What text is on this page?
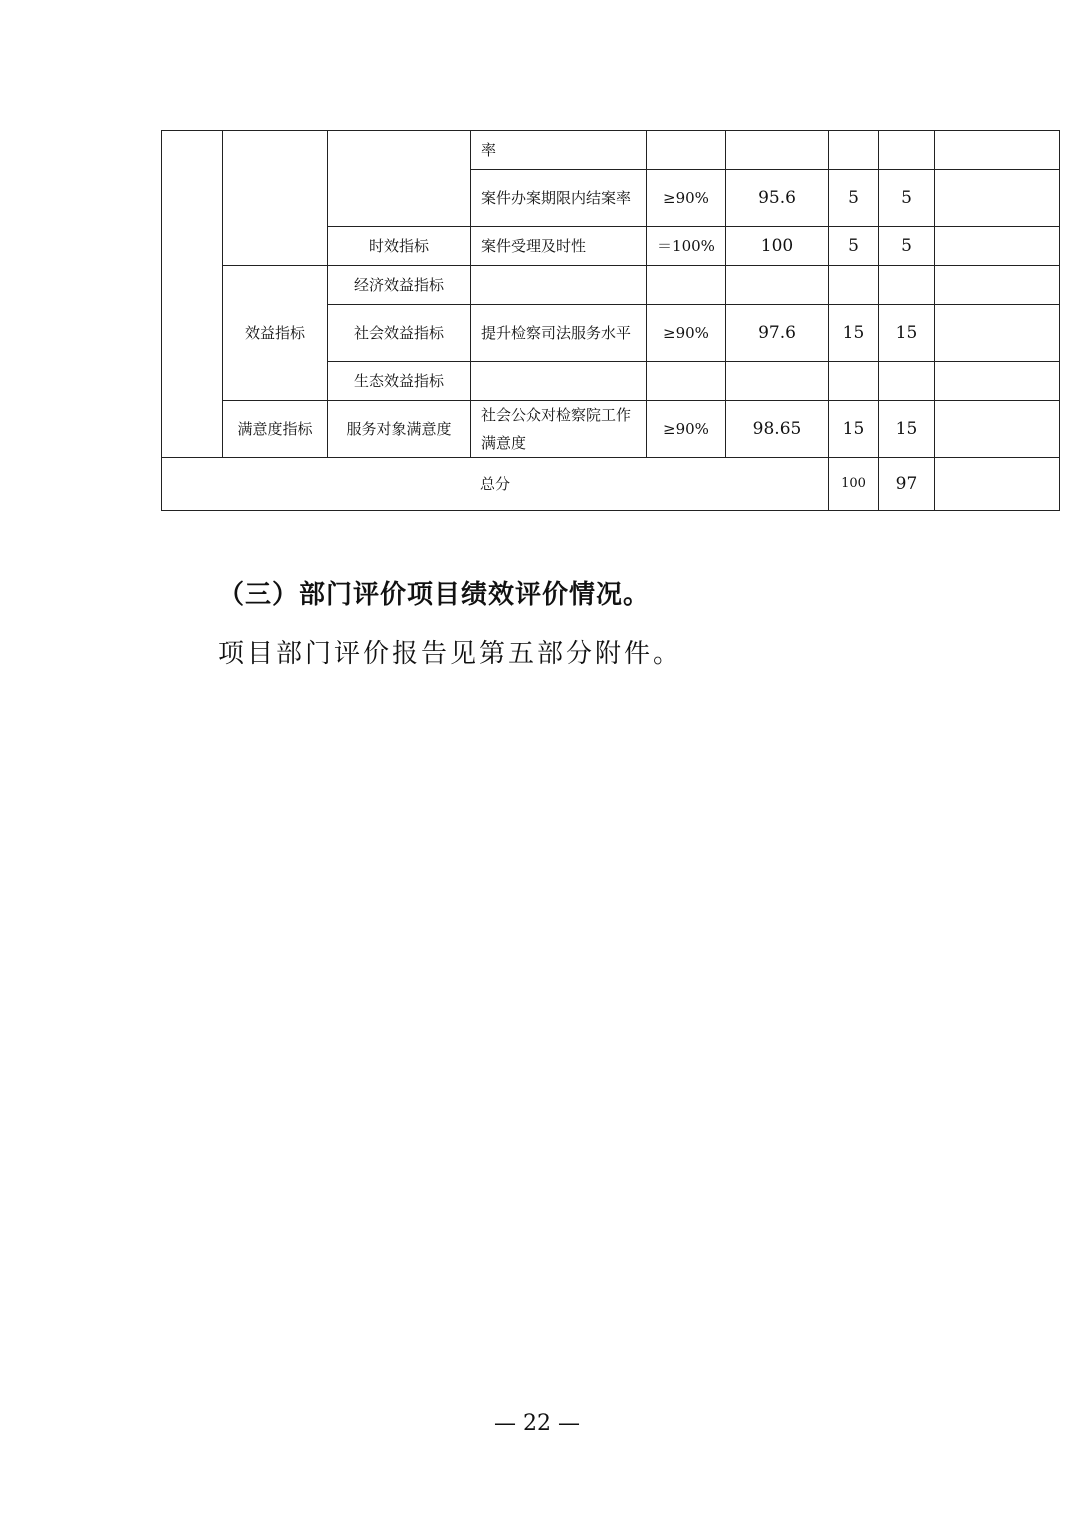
			率					
			案件办案期限内结案率	≥90%	95.6	5	5	
		时效指标	案件受理及时性	＝100%	100	5	5	
	效益指标	经济效益指标						
		社会效益指标	提升检察司法服务水平	≥90%	97.6	15	15	
		生态效益指标						
	满意度指标	服务对象满意度	社会公众对检察院工作满意度	≥90%	98.65	15	15	
总分						100	97	
（三）部门评价项目绩效评价情况。
项目部门评价报告见第五部分附件。
— 22 —
